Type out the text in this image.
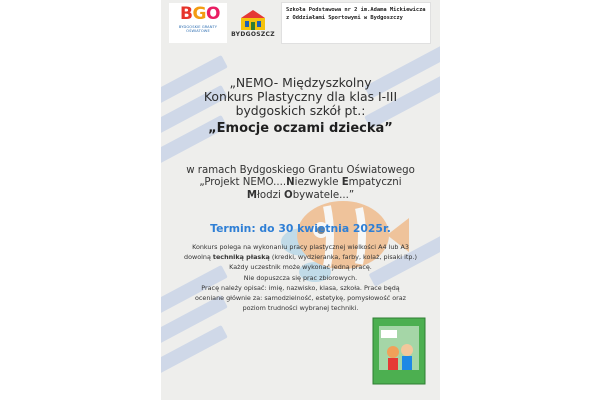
BGO
BYDGOSKIE GRANTY OŚWIATOWE	BYDGOSZCZ
Szkoła Podstawowa nr 2 im.Adama Mickiewicza z Oddziałami Sportowymi w Bydgoszczy
„NEMO- Międzyszkolny
Konkurs Plastyczny dla klas I-III
bydgoskich szkół pt.:
„Emocje oczami dziecka”
w ramach Bydgoskiego Grantu Oświatowego
„Projekt NEMO....Niezwykle Empatyczni
Młodzi Obywatele...”
Termin: do 30 kwietnia 2025r.

Konkurs polega na wykonaniu pracy plastycznej wielkości A4 lub A3

dowolną techniką płaską (kredki, wydzieranka, farby, kolaż, pisaki itp.)

Każdy uczestnik może wykonać jedną pracę.

Nie dopuszcza się prac zbiorowych.

Pracę należy opisać: imię, nazwisko, klasa, szkoła. Prace będą

oceniane głównie za: samodzielność, estetykę, pomysłowość oraz

poziom trudności wybranej techniki.
